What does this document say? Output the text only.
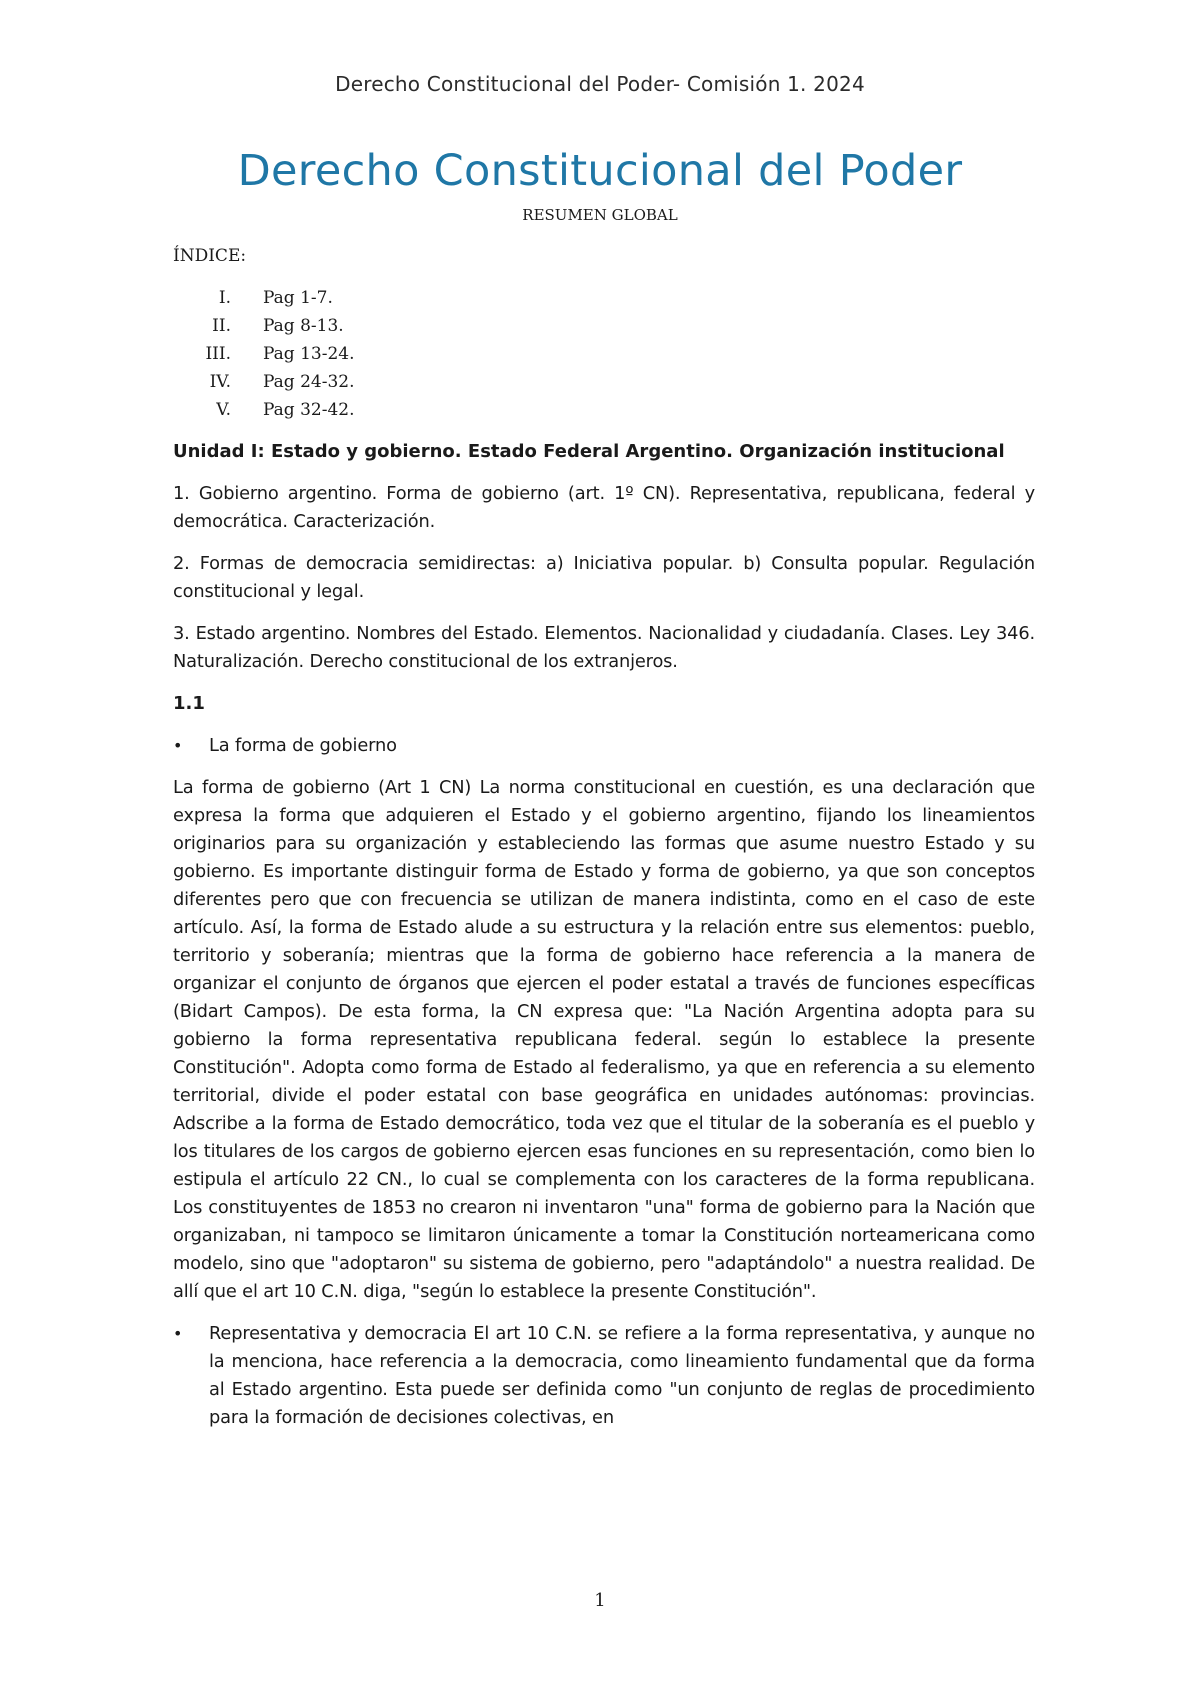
Derecho Constitucional del Poder- Comisión 1. 2024
Derecho Constitucional del Poder
RESUMEN GLOBAL
ÍNDICE:
I.	Pag 1-7.
II.	Pag 8-13.
III.	Pag 13-24.
IV.	Pag 24-32.
V.	Pag 32-42.
Unidad I: Estado y gobierno. Estado Federal Argentino. Organización institucional

1. Gobierno argentino. Forma de gobierno (art. 1º CN). Representativa, republicana, federal y democrática. Caracterización.

2. Formas de democracia semidirectas: a) Iniciativa popular. b) Consulta popular. Regulación constitucional y legal.

3. Estado argentino. Nombres del Estado. Elementos. Nacionalidad y ciudadanía. Clases. Ley 346. Naturalización. Derecho constitucional de los extranjeros.

1.1
•	La forma de gobierno

La forma de gobierno (Art 1 CN) La norma constitucional en cuestión, es una declaración que expresa la forma que adquieren el Estado y el gobierno argentino, fijando los lineamientos originarios para su organización y estableciendo las formas que asume nuestro Estado y su gobierno. Es importante distinguir forma de Estado y forma de gobierno, ya que son conceptos diferentes pero que con frecuencia se utilizan de manera indistinta, como en el caso de este artículo. Así, la forma de Estado alude a su estructura y la relación entre sus elementos: pueblo, territorio y soberanía; mientras que la forma de gobierno hace referencia a la manera de organizar el conjunto de órganos que ejercen el poder estatal a través de funciones específicas (Bidart Campos). De esta forma, la CN expresa que: "La Nación Argentina adopta para su gobierno la forma representativa republicana federal. según lo establece la presente Constitución". Adopta como forma de Estado al federalismo, ya que en referencia a su elemento territorial, divide el poder estatal con base geográfica en unidades autónomas: provincias. Adscribe a la forma de Estado democrático, toda vez que el titular de la soberanía es el pueblo y los titulares de los cargos de gobierno ejercen esas funciones en su representación, como bien lo estipula el artículo 22 CN., lo cual se complementa con los caracteres de la forma republicana. Los constituyentes de 1853 no crearon ni inventaron "una" forma de gobierno para la Nación que organizaban, ni tampoco se limitaron únicamente a tomar la Constitución norteamericana como modelo, sino que "adoptaron" su sistema de gobierno, pero "adaptándolo" a nuestra realidad. De allí que el art 10 C.N. diga, "según lo establece la presente Constitución".

•	Representativa y democracia El art 10 C.N. se refiere a la forma representativa, y aunque no la menciona, hace referencia a la democracia, como lineamiento fundamental que da forma al Estado argentino. Esta puede ser definida como "un conjunto de reglas de procedimiento para la formación de decisiones colectivas, en
1
